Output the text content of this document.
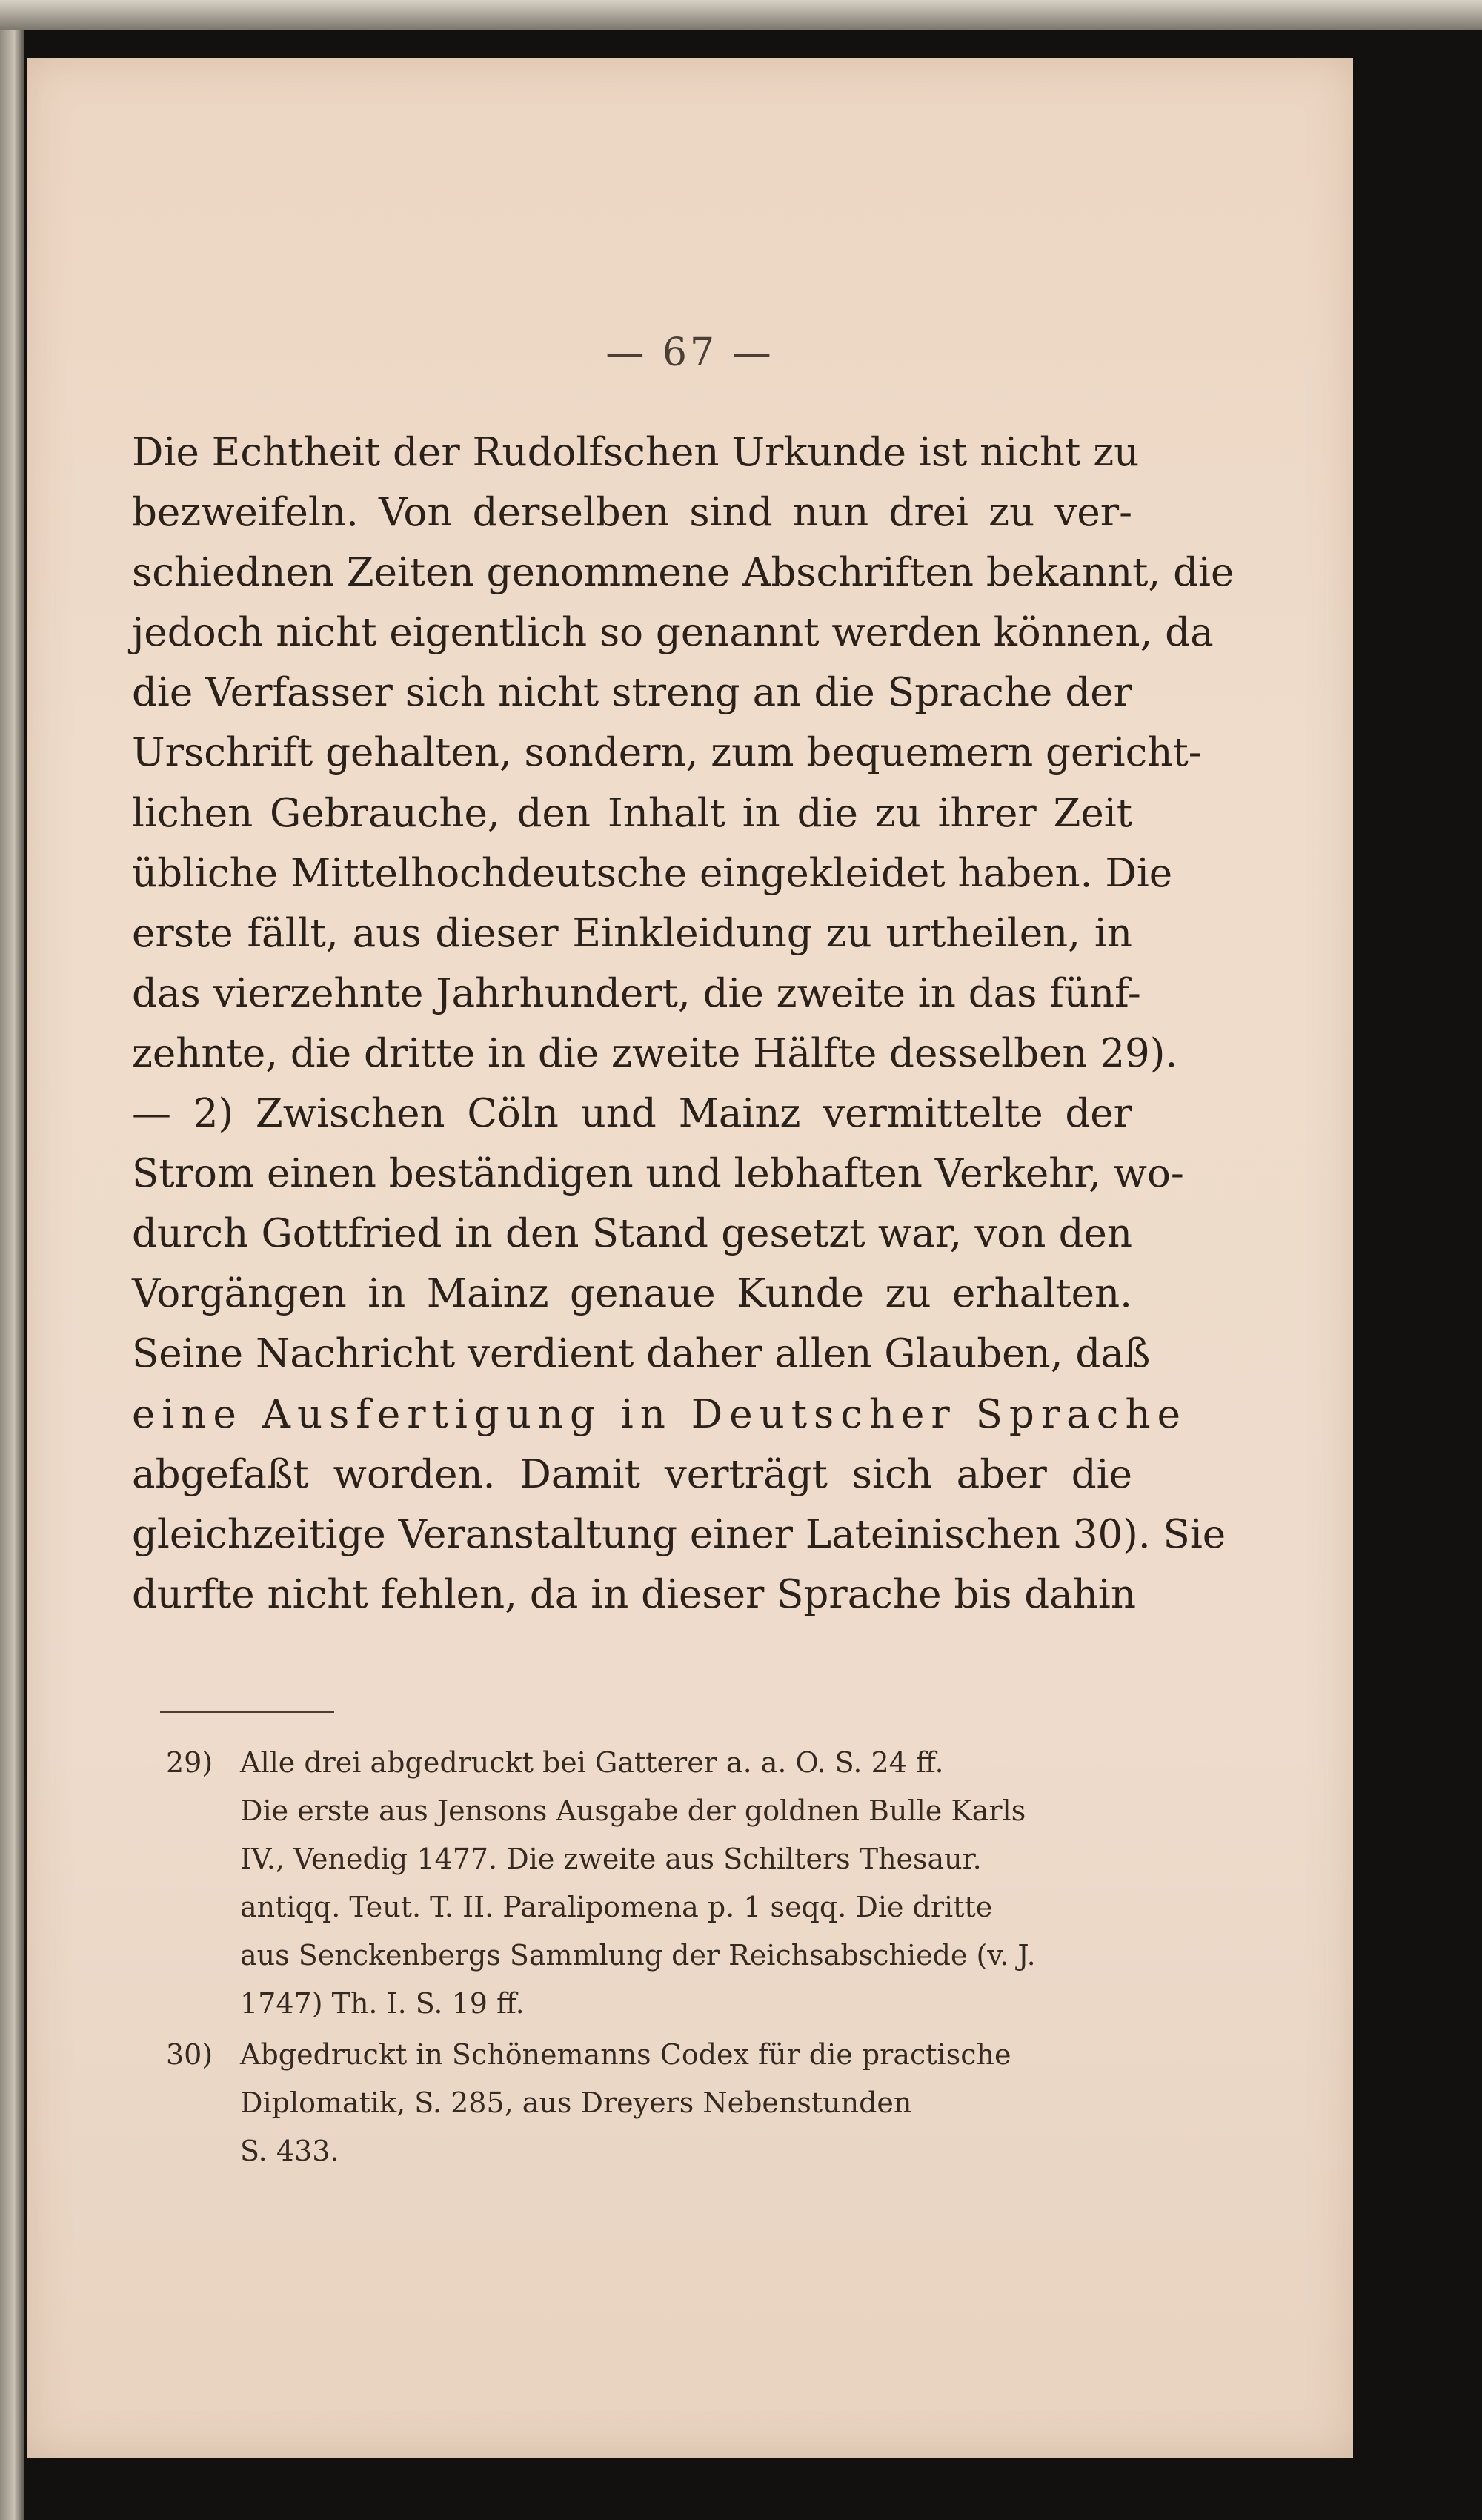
— 67 —
Die Echtheit der Rudolfschen Urkunde ist nicht zu
bezweifeln. Von derselben sind nun drei zu ver-
schiednen Zeiten genommene Abschriften bekannt, die
jedoch nicht eigentlich so genannt werden können, da
die Verfasser sich nicht streng an die Sprache der
Urschrift gehalten, sondern, zum bequemern gericht-
lichen Gebrauche, den Inhalt in die zu ihrer Zeit
übliche Mittelhochdeutsche eingekleidet haben. Die
erste fällt, aus dieser Einkleidung zu urtheilen, in
das vierzehnte Jahrhundert, die zweite in das fünf-
zehnte, die dritte in die zweite Hälfte desselben 29).
— 2) Zwischen Cöln und Mainz vermittelte der
Strom einen beständigen und lebhaften Verkehr, wo-
durch Gottfried in den Stand gesetzt war, von den
Vorgängen in Mainz genaue Kunde zu erhalten.
Seine Nachricht verdient daher allen Glauben, daß
eine Ausfertigung in Deutscher Sprache
abgefaßt worden. Damit verträgt sich aber die
gleichzeitige Veranstaltung einer Lateinischen 30). Sie
durfte nicht fehlen, da in dieser Sprache bis dahin
29) Alle drei abgedruckt bei Gatterer a. a. O. S. 24 ff.
Die erste aus Jensons Ausgabe der goldnen Bulle Karls
IV., Venedig 1477. Die zweite aus Schilters Thesaur.
antiqq. Teut. T. II. Paralipomena p. 1 seqq. Die dritte
aus Senckenbergs Sammlung der Reichsabschiede (v. J.
1747) Th. I. S. 19 ff.
30) Abgedruckt in Schönemanns Codex für die practische
Diplomatik, S. 285, aus Dreyers Nebenstunden
S. 433.
